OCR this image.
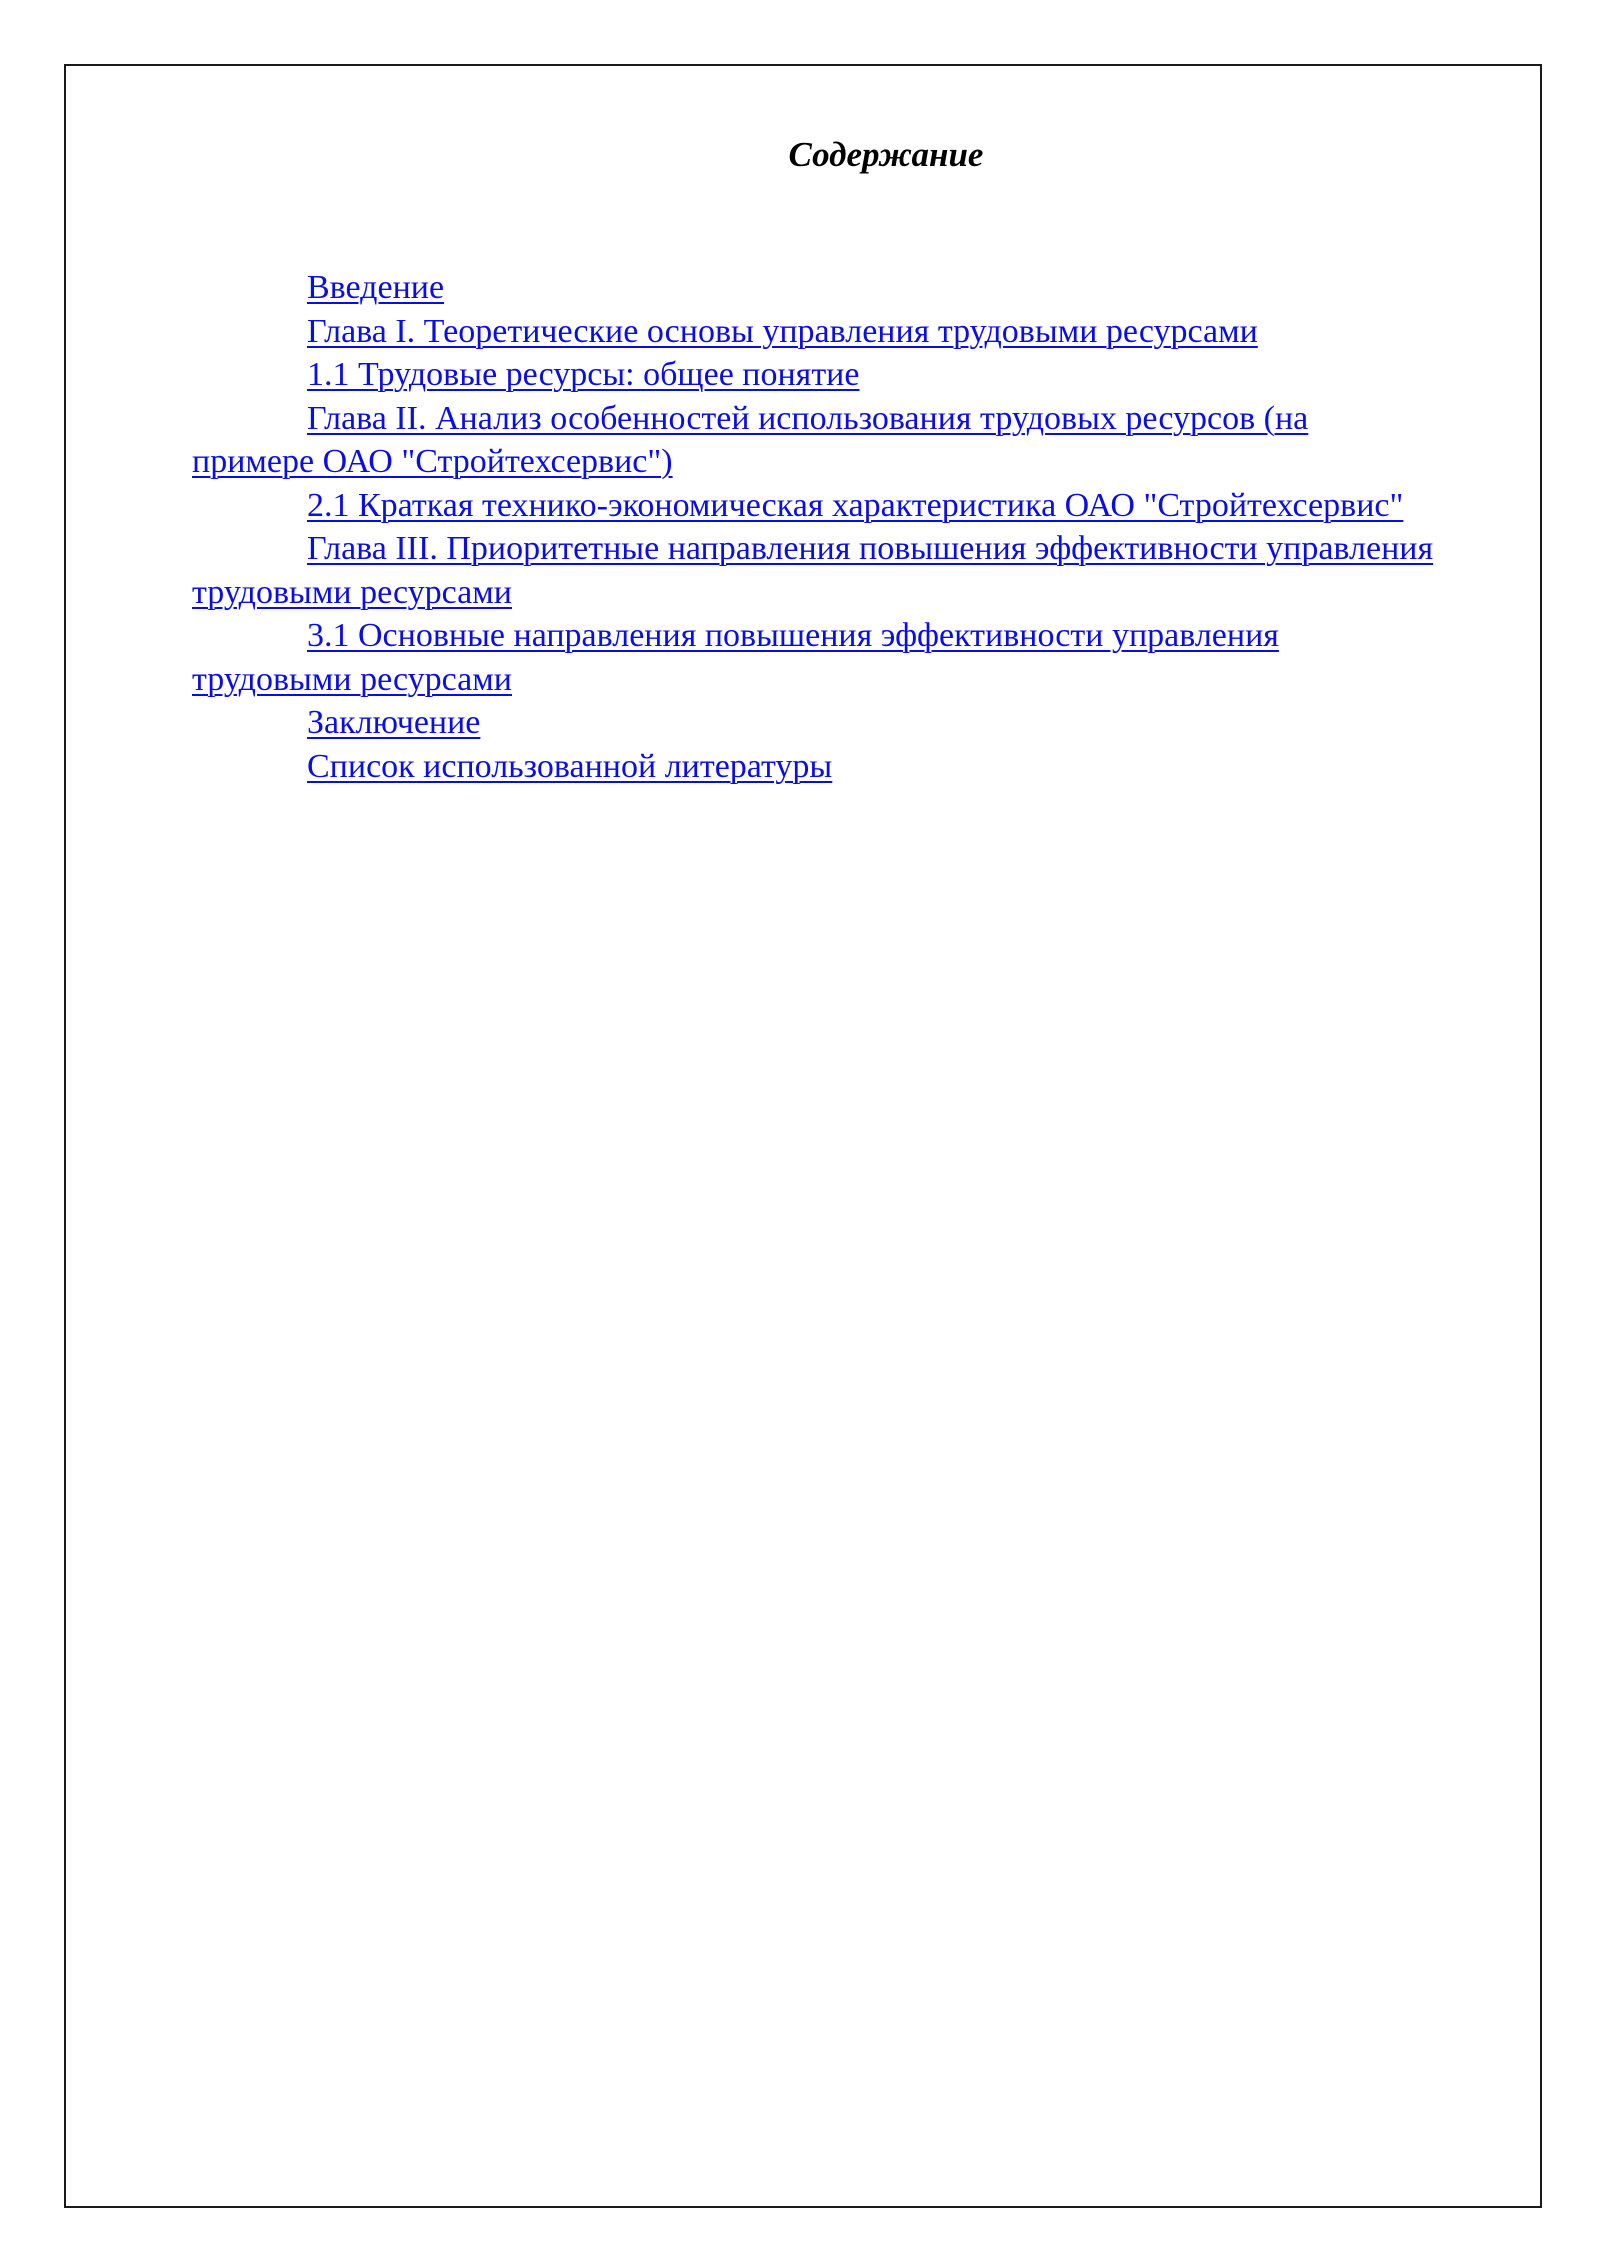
Содержание
Введение
Глава I. Теоретические основы управления трудовыми ресурсами
1.1 Трудовые ресурсы: общее понятие
Глава II. Анализ особенностей использования трудовых ресурсов (на примере ОАО "Стройтехсервис")
2.1 Краткая технико-экономическая характеристика ОАО "Стройтехсервис"
Глава III. Приоритетные направления повышения эффективности управления трудовыми ресурсами
3.1 Основные направления повышения эффективности управления трудовыми ресурсами
Заключение
Список использованной литературы
